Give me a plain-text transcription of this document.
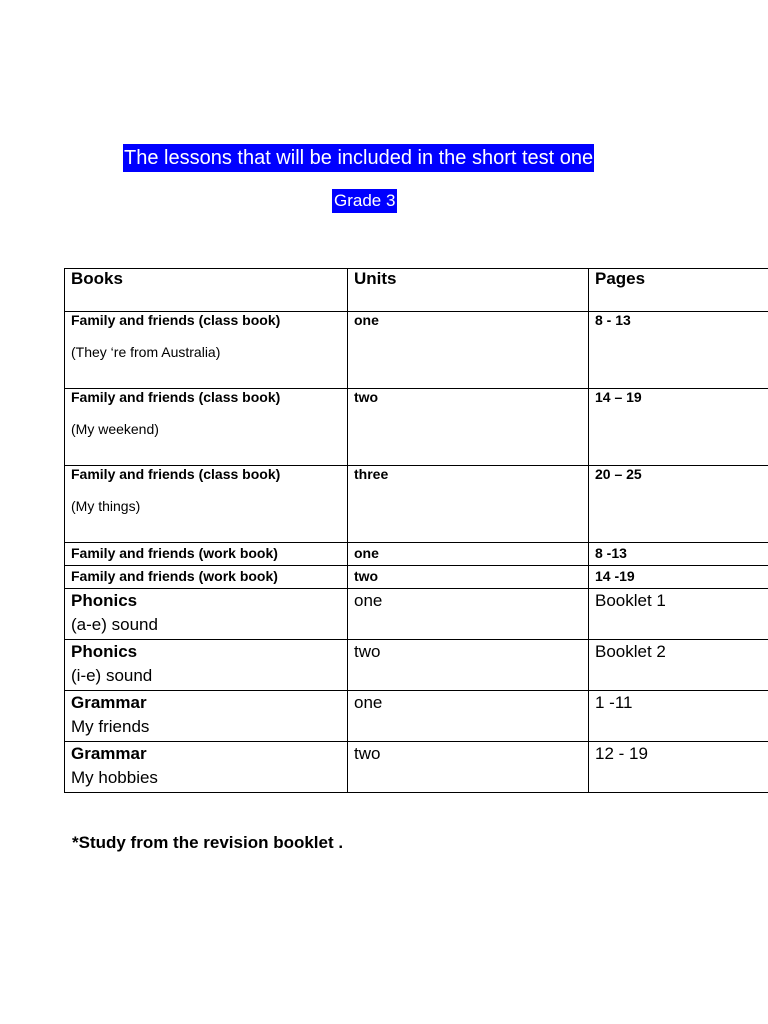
The lessons that will be included in the short test one
Grade 3
Books	Units	Pages

Family and friends (class book)
(They ‘re from Australia)	one	8 - 13

Family and friends (class book)
(My weekend)	two	14 – 19

Family and friends (class book)
(My things)	three	20 – 25
Family and friends (work book)	one	8 -13
Family and friends (work book)	two	14 -19

Phonics
(a-e) sound	one	Booklet 1

Phonics
(i-e) sound	two	Booklet 2

Grammar
My friends	one	1 -11

Grammar
My hobbies	two	12 - 19
*Study from the revision booklet .
